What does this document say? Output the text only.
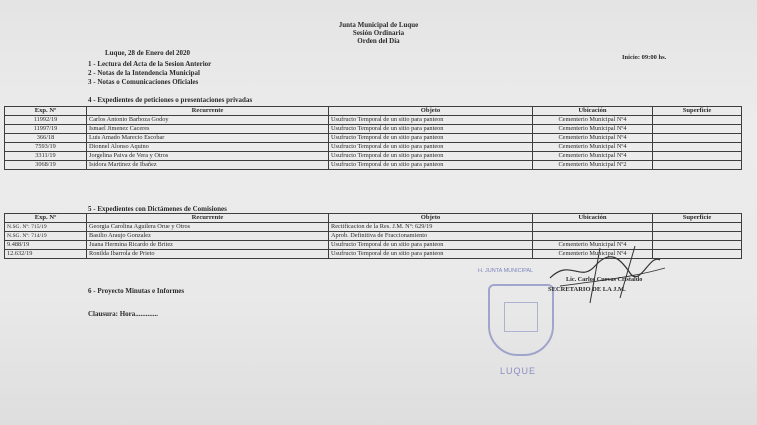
Junta Municipal de Luque
Sesión Ordinaria
Orden del Día
Luque, 28 de Enero del 2020
Inicio: 09:00 hs.
1 - Lectura del Acta de la Sesion Anterior
2 - Notas de la Intendencia Municipal
3 - Notas o Comunicaciones Oficiales
4 - Expedientes de peticiones o presentaciones privadas
Exp. Nº	Recurrente	Objeto	Ubicación	Superficie
11992/19	Carlos Antonio Barboza Godoy	Usufructo Temporal de un sitio para panteon	Cementerio Municipal Nº4	
11997/19	Ismael Jimenez Caceres	Usufructo Temporal de un sitio para panteon	Cementerio Municipal Nº4	
366/18	Luis Amado Marecio Escobar	Usufructo Temporal de un sitio para panteon	Cementerio Municipal Nº4	
7593/19	Dionnel Alonso Aquino	Usufructo Temporal de un sitio para panteon	Cementerio Municipal Nº4	
3311/19	Jorgelina Paiva de Vera y Otros	Usufructo Temporal de un sitio para panteon	Cementerio Municipal Nº4	
3068/19	Isidora Martinez de Ibañez	Usufructo Temporal de un sitio para panteon	Cementerio Municipal Nº2	
5 - Expedientes con Dictámenes de Comisiones
Exp. Nº	Recurrente	Objeto	Ubicación	Superficie
N.SG. Nº: 715/19	Georgia Carolina Aguilera Orue y Otros	Rectificacion de la Res. J.M. Nº: 629/19		
N.SG. Nº: 714/19	Basilio Araujo Gonzalez	Aprob. Definitiva de Fraccionamiento		
9.488/19	Juana Hermina Ricardo de Britez	Usufructo Temporal de un sitio para panteon	Cementerio Municipal Nº4	
12.632/19	Ronilda Ibarrola de Prieto	Usufructo Temporal de un sitio para panteon	Cementerio Municipal Nº4	
6 - Proyecto Minutas e Informes
Clausura: Hora.............
H. JUNTA MUNICIPAL
LUQUE
Lic. Carlos Cuevas Cristaldo
SECRETARIO DE LA J.M.
